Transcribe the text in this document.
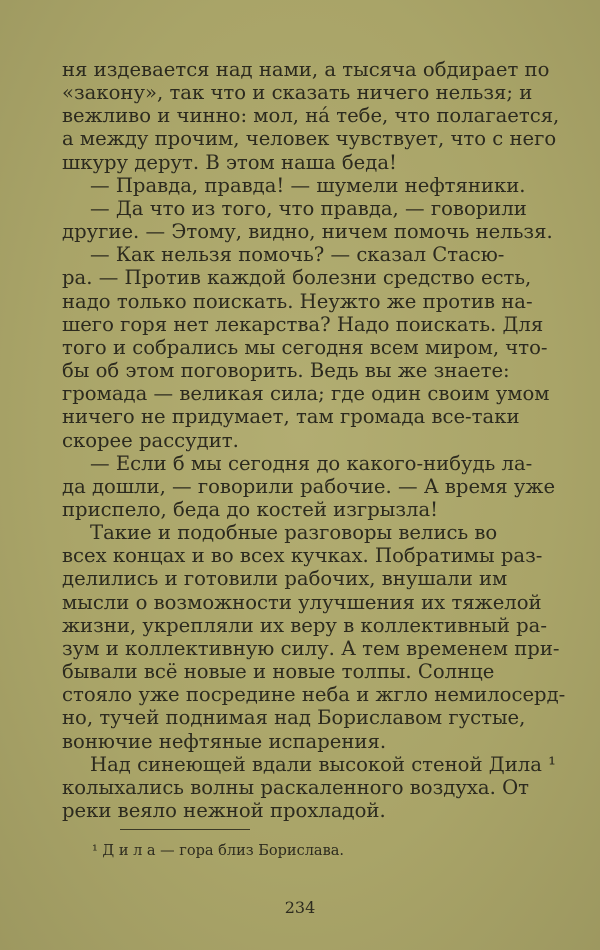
ня издевается над нами, а тысяча обдирает по
«закону», так что и сказать ничего нельзя; и
вежливо и чинно: мол, нá тебе, что полагается,
а между прочим, человек чувствует, что с него
шкуру дерут. В этом наша беда!
— Правда, правда! — шумели нефтяники.
— Да что из того, что правда, — говорили
другие. — Этому, видно, ничем помочь нельзя.
— Как нельзя помочь? — сказал Стасю-
ра. — Против каждой болезни средство есть,
надо только поискать. Неужто же против на-
шего горя нет лекарства? Надо поискать. Для
того и собрались мы сегодня всем миром, что-
бы об этом поговорить. Ведь вы же знаете:
громада — великая сила; где один своим умом
ничего не придумает, там громада все-таки
скорее рассудит.
— Если б мы сегодня до какого-нибудь ла-
да дошли, — говорили рабочие. — А время уже
приспело, беда до костей изгрызла!
Такие и подобные разговоры велись во
всех концах и во всех кучках. Побратимы раз-
делились и готовили рабочих, внушали им
мысли о возможности улучшения их тяжелой
жизни, укрепляли их веру в коллективный ра-
зум и коллективную силу. А тем временем при-
бывали всё новые и новые толпы. Солнце
стояло уже посредине неба и жгло немилосерд-
но, тучей поднимая над Бориславом густые,
вонючие нефтяные испарения.
Над синеющей вдали высокой стеной Дила ¹
колыхались волны раскаленного воздуха. От
реки веяло нежной прохладой.
¹ Д и л а — гора близ Борислава.
234
